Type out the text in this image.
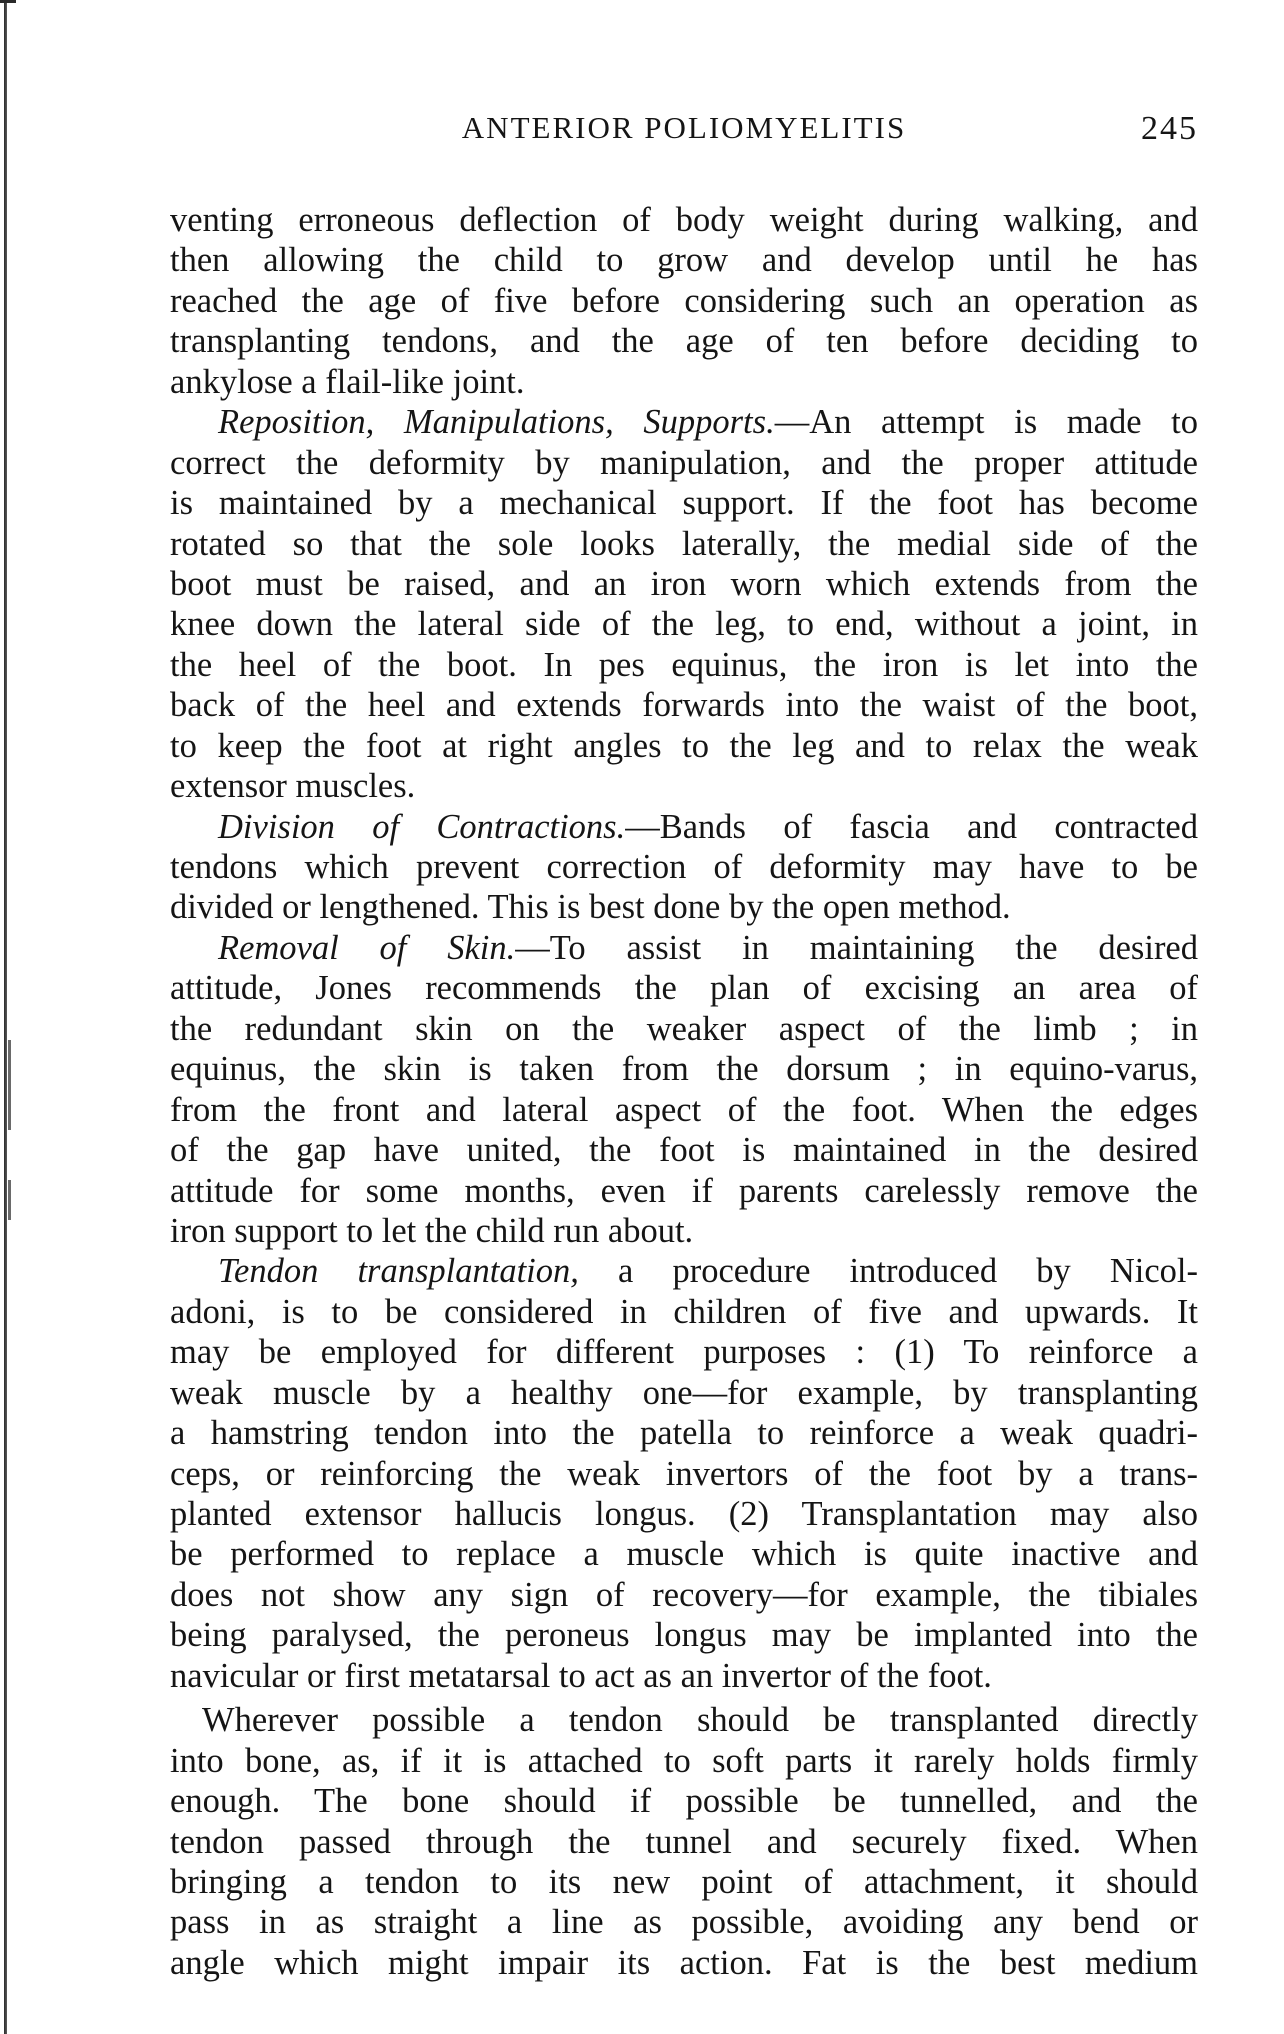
ANTERIOR POLIOMYELITIS	245
venting erroneous deflection of body weight during walking, and
then allowing the child to grow and develop until he has
reached the age of five before considering such an operation as
transplanting tendons, and the age of ten before deciding to
ankylose a flail-like joint.
Reposition, Manipulations, Supports.—An attempt is made to
correct the deformity by manipulation, and the proper attitude
is maintained by a mechanical support. If the foot has become
rotated so that the sole looks laterally, the medial side of the
boot must be raised, and an iron worn which extends from the
knee down the lateral side of the leg, to end, without a joint, in
the heel of the boot. In pes equinus, the iron is let into the
back of the heel and extends forwards into the waist of the boot,
to keep the foot at right angles to the leg and to relax the weak
extensor muscles.
Division of Contractions.—Bands of fascia and contracted
tendons which prevent correction of deformity may have to be
divided or lengthened. This is best done by the open method.
Removal of Skin.—To assist in maintaining the desired
attitude, Jones recommends the plan of excising an area of
the redundant skin on the weaker aspect of the limb ; in
equinus, the skin is taken from the dorsum ; in equino-varus,
from the front and lateral aspect of the foot. When the edges
of the gap have united, the foot is maintained in the desired
attitude for some months, even if parents carelessly remove the
iron support to let the child run about.
Tendon transplantation, a procedure introduced by Nicol-
adoni, is to be considered in children of five and upwards. It
may be employed for different purposes : (1) To reinforce a
weak muscle by a healthy one—for example, by transplanting
a hamstring tendon into the patella to reinforce a weak quadri-
ceps, or reinforcing the weak invertors of the foot by a trans-
planted extensor hallucis longus. (2) Transplantation may also
be performed to replace a muscle which is quite inactive and
does not show any sign of recovery—for example, the tibiales
being paralysed, the peroneus longus may be implanted into the
navicular or first metatarsal to act as an invertor of the foot.
Wherever possible a tendon should be transplanted directly
into bone, as, if it is attached to soft parts it rarely holds firmly
enough. The bone should if possible be tunnelled, and the
tendon passed through the tunnel and securely fixed. When
bringing a tendon to its new point of attachment, it should
pass in as straight a line as possible, avoiding any bend or
angle which might impair its action. Fat is the best medium
